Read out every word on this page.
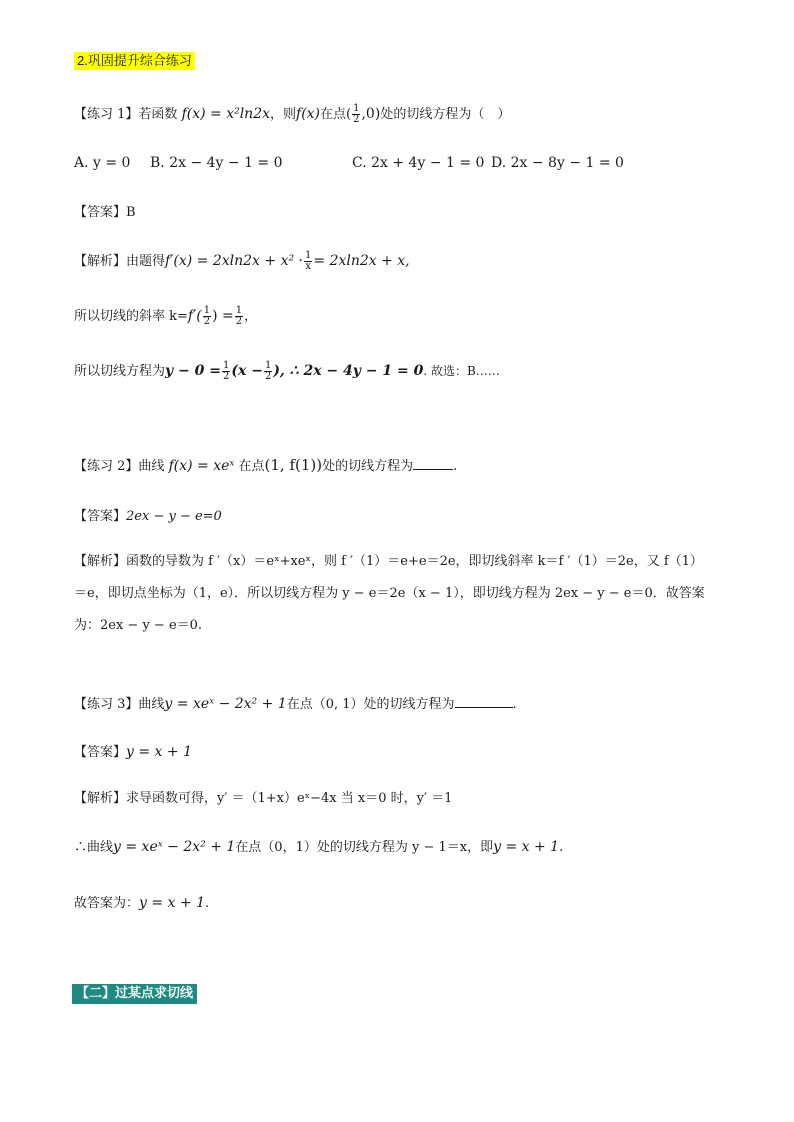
2.巩固提升综合练习
【练习 1】若函数 f(x) = x²ln2x，则f(x)在点( $\frac{1}{2} ,0$)处的切线方程为（　）
A. y = 0 B. 2x − 4y − 1 = 0	C. 2x + 4y − 1 = 0 D. 2x − 8y − 1 = 0
【答案】B
【解析】由题得$f'(x) = 2xln2x + x^2 \cdot \frac{1}{x} = 2xln2x + x$,
所以切线的斜率 $k=f'( \frac{1}{2}$ ) = $\frac{1}{2}$ ，
所以切线方程为$y - 0 = \frac{1}{2} (x - \frac{1}{2}$ ), ∴ 2x − 4y − 1 = 0. 故选：B……
【练习 2】曲线 f(x) = xeˣ 在点(1, f(1))处的切线方程为	.
【答案】2ex − y − e=0
【解析】函数的导数为 f ′（x）＝eˣ+xeˣ，则 f ′（1）＝e+e＝2e，即切线斜率 k＝f ′（1）＝2e，又 f（1）
＝e，即切点坐标为（1，e）．所以切线方程为 y − e＝2e（x − 1），即切线方程为 2ex − y − e＝0．故答案
为：2ex − y − e＝0.
【练习 3】曲线y = xeˣ − 2x² + 1在点（0, 1）处的切线方程为	.
【答案】y = x + 1
【解析】求导函数可得，y′ ＝（1+x）eˣ−4x 当 x＝0 时，y′ ＝1
∴曲线y = xeˣ − 2x² + 1在点（0，1）处的切线方程为 y − 1＝x，即y = x + 1.
故答案为：y = x + 1.
【二】过某点求切线
